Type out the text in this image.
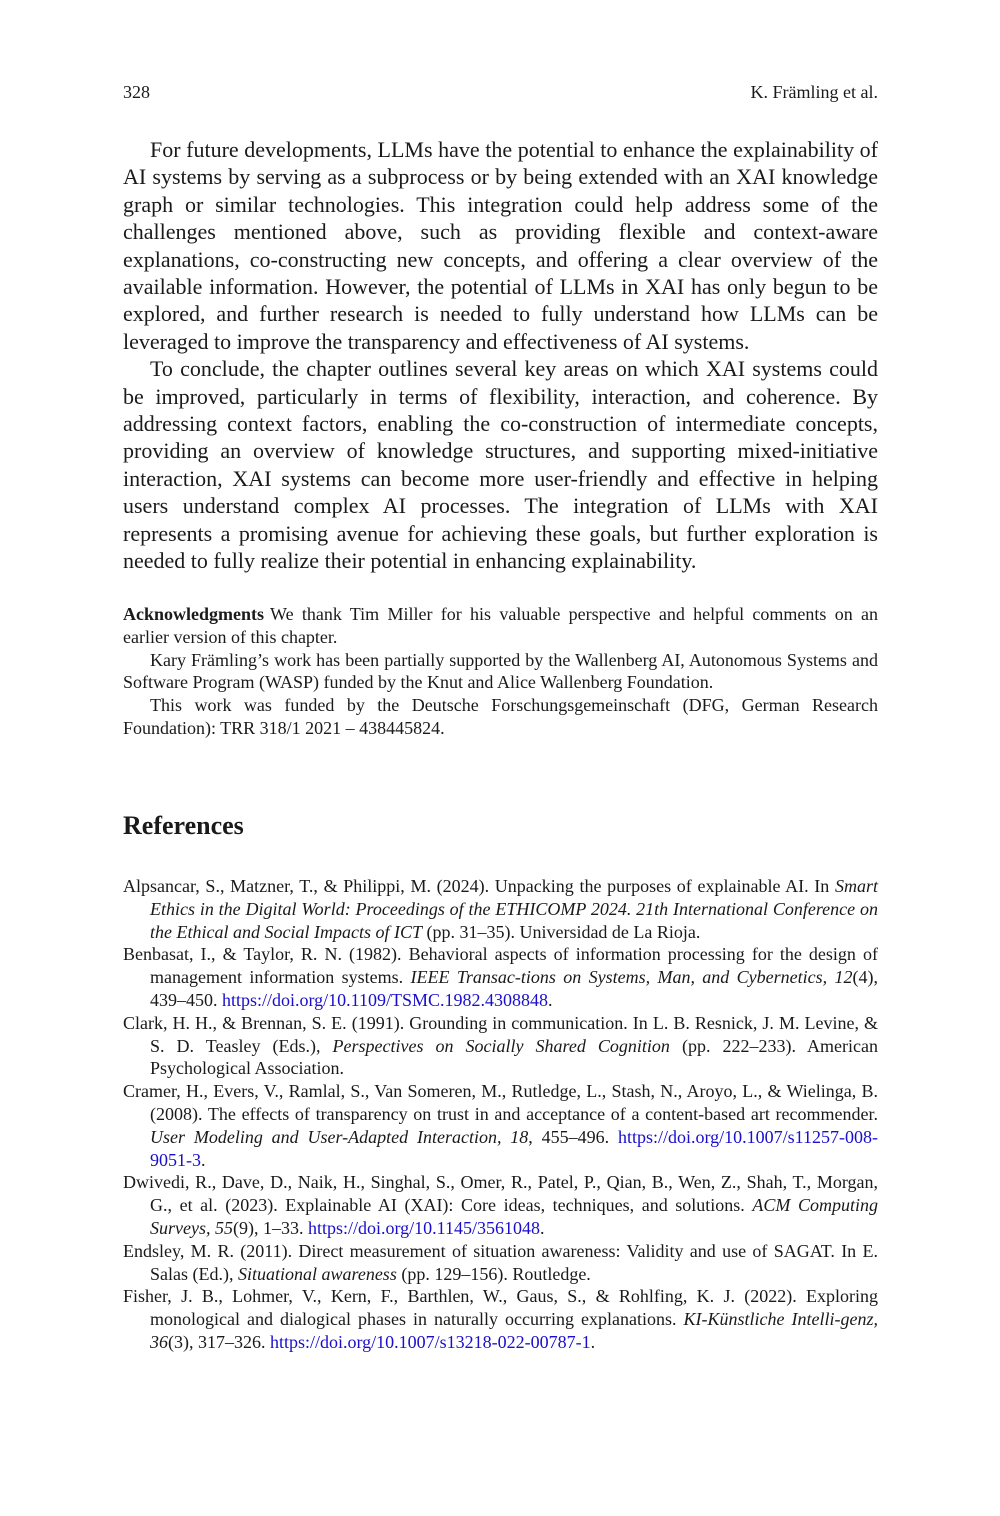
328	K. Främling et al.

For future developments, LLMs have the potential to enhance the explainability of AI systems by serving as a subprocess or by being extended with an XAI knowledge graph or similar technologies. This integration could help address some of the challenges mentioned above, such as providing flexible and context-aware explanations, co-constructing new concepts, and offering a clear overview of the available information. However, the potential of LLMs in XAI has only begun to be explored, and further research is needed to fully understand how LLMs can be leveraged to improve the transparency and effectiveness of AI systems.

To conclude, the chapter outlines several key areas on which XAI systems could be improved, particularly in terms of flexibility, interaction, and coherence. By addressing context factors, enabling the co-construction of intermediate concepts, providing an overview of knowledge structures, and supporting mixed-initiative interaction, XAI systems can become more user-friendly and effective in helping users understand complex AI processes. The integration of LLMs with XAI represents a promising avenue for achieving these goals, but further exploration is needed to fully realize their potential in enhancing explainability.

Acknowledgments We thank Tim Miller for his valuable perspective and helpful comments on an earlier version of this chapter.

Kary Främling’s work has been partially supported by the Wallenberg AI, Autonomous Systems and Software Program (WASP) funded by the Knut and Alice Wallenberg Foundation.

This work was funded by the Deutsche Forschungsgemeinschaft (DFG, German Research Foundation): TRR 318/1 2021 – 438445824.

References

Alpsancar, S., Matzner, T., & Philippi, M. (2024). Unpacking the purposes of explainable AI. In Smart Ethics in the Digital World: Proceedings of the ETHICOMP 2024. 21th International Conference on the Ethical and Social Impacts of ICT (pp. 31–35). Universidad de La Rioja.

Benbasat, I., & Taylor, R. N. (1982). Behavioral aspects of information processing for the design of management information systems. IEEE Transac-tions on Systems, Man, and Cybernetics, 12(4), 439–450. https://doi.org/10.1109/TSMC.1982.4308848.

Clark, H. H., & Brennan, S. E. (1991). Grounding in communication. In L. B. Resnick, J. M. Levine, & S. D. Teasley (Eds.), Perspectives on Socially Shared Cognition (pp. 222–233). American Psychological Association.

Cramer, H., Evers, V., Ramlal, S., Van Someren, M., Rutledge, L., Stash, N., Aroyo, L., & Wielinga, B. (2008). The effects of transparency on trust in and acceptance of a content-based art recommender. User Modeling and User-Adapted Interaction, 18, 455–496. https://doi.org/10.1007/s11257-008-9051-3.

Dwivedi, R., Dave, D., Naik, H., Singhal, S., Omer, R., Patel, P., Qian, B., Wen, Z., Shah, T., Morgan, G., et al. (2023). Explainable AI (XAI): Core ideas, techniques, and solutions. ACM Computing Surveys, 55(9), 1–33. https://doi.org/10.1145/3561048.

Endsley, M. R. (2011). Direct measurement of situation awareness: Validity and use of SAGAT. In E. Salas (Ed.), Situational awareness (pp. 129–156). Routledge.

Fisher, J. B., Lohmer, V., Kern, F., Barthlen, W., Gaus, S., & Rohlfing, K. J. (2022). Exploring monological and dialogical phases in naturally occurring explanations. KI-Künstliche Intelli-genz, 36(3), 317–326. https://doi.org/10.1007/s13218-022-00787-1.
